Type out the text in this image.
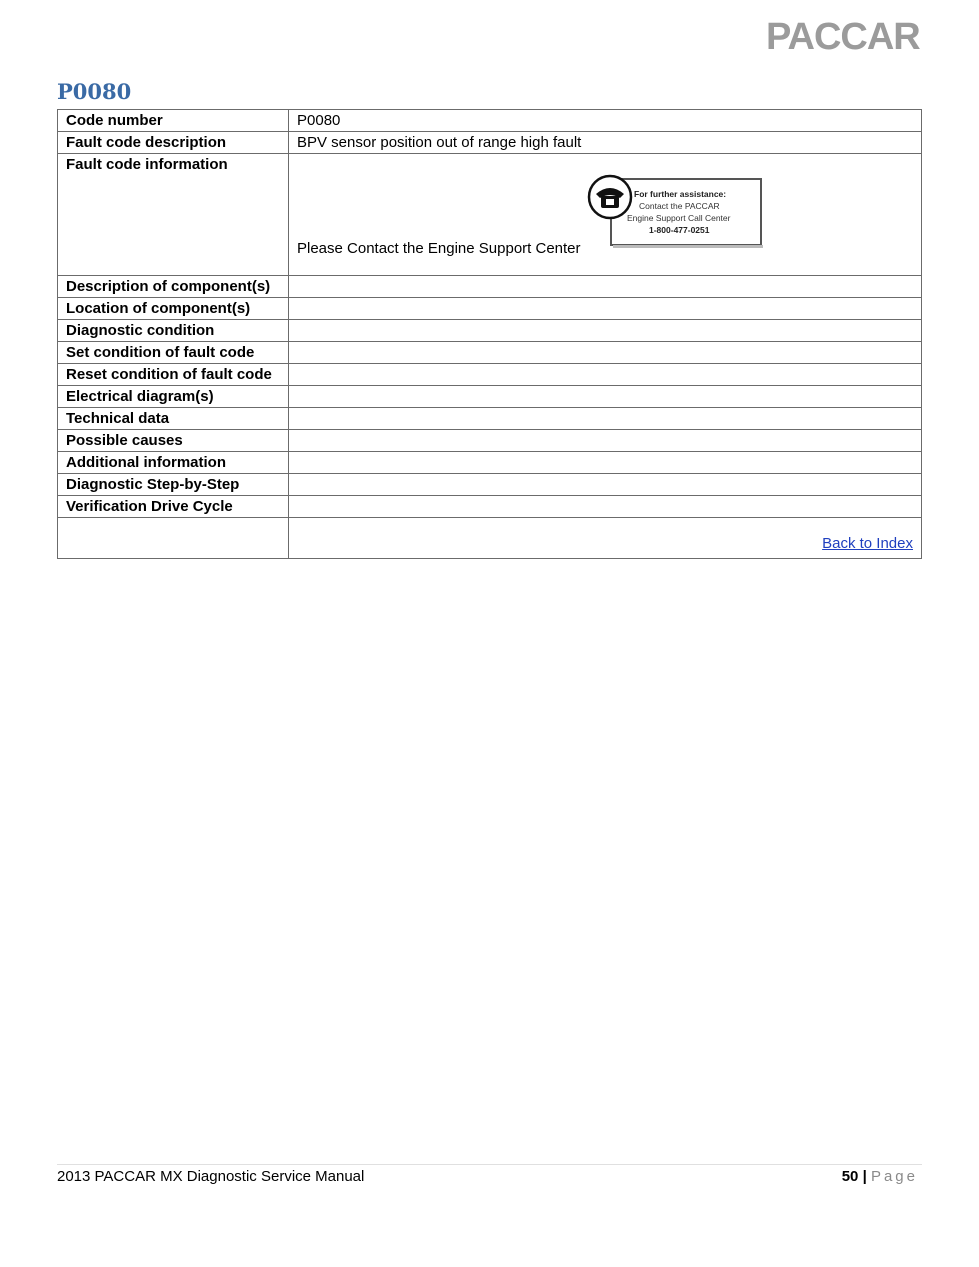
PACCAR
P0080
Code number	P0080
Fault code description	BPV sensor position out of range high fault
Fault code information	Please Contact the Engine Support Center
For further assistance:
Contact the PACCAR
Engine Support Call Center
1-800-477-0251

Description of component(s)	
Location of component(s)	
Diagnostic condition	
Set condition of fault code	
Reset condition of fault code	
Electrical diagram(s)	
Technical data	
Possible causes	
Additional information	
Diagnostic Step-by-Step	
Verification Drive Cycle	

	Back to Index
2013 PACCAR MX Diagnostic Service Manual	50 | Page
